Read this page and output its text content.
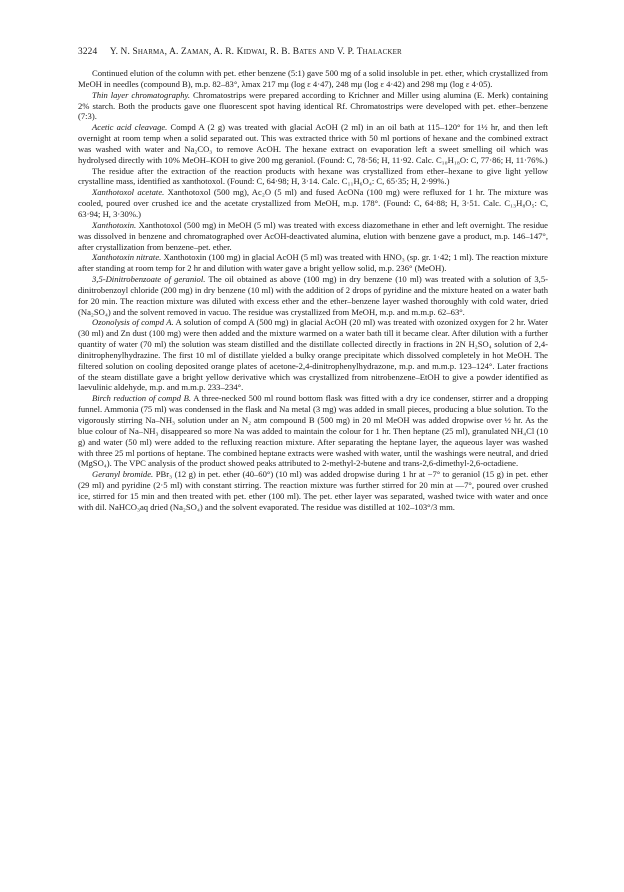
3224 Y. N. Sharma, A. Zaman, A. R. Kidwai, R. B. Bates and V. P. Thalacker

Continued elution of the column with pet. ether benzene (5:1) gave 500 mg of a solid insoluble in pet. ether, which crystallized from MeOH in needles (compound B), m.p. 82–83°, λmax 217 mμ (log ε 4·47), 248 mμ (log ε 4·42) and 298 mμ (log ε 4·05).

Thin layer chromatography. Chromatostrips were prepared according to Krichner and Miller using alumina (E. Merk) containing 2% starch. Both the products gave one fluorescent spot having identical Rf. Chromatostrips were developed with pet. ether–benzene (7:3).

Acetic acid cleavage. Compd A (2 g) was treated with glacial AcOH (2 ml) in an oil bath at 115–120° for 1½ hr, and then left overnight at room temp when a solid separated out. This was extracted thrice with 50 ml portions of hexane and the combined extract was washed with water and Na₂CO₃ to remove AcOH. The hexane extract on evaporation left a sweet smelling oil which was hydrolysed directly with 10% MeOH–KOH to give 200 mg geraniol. (Found: C, 78·56; H, 11·92. Calc. C₁₀H₁₈O: C, 77·86; H, 11·76%.)

The residue after the extraction of the reaction products with hexane was crystallized from ether–hexane to give light yellow crystalline mass, identified as xanthotoxol. (Found: C, 64·98; H, 3·14. Calc. C₁₁H₆O₄: C, 65·35; H, 2·99%.)

Xanthotoxol acetate. Xanthotoxol (500 mg), Ac₂O (5 ml) and fused AcONa (100 mg) were refluxed for 1 hr. The mixture was cooled, poured over crushed ice and the acetate crystallized from MeOH, m.p. 178°. (Found: C, 64·88; H, 3·51. Calc. C₁₃H₈O₅: C, 63·94; H, 3·30%.)

Xanthotoxin. Xanthotoxol (500 mg) in MeOH (5 ml) was treated with excess diazomethane in ether and left overnight. The residue was dissolved in benzene and chromatographed over AcOH-deactivated alumina, elution with benzene gave a product, m.p. 146–147°, after crystallization from benzene–pet. ether.

Xanthotoxin nitrate. Xanthotoxin (100 mg) in glacial AcOH (5 ml) was treated with HNO₃ (sp. gr. 1·42; 1 ml). The reaction mixture after standing at room temp for 2 hr and dilution with water gave a bright yellow solid, m.p. 236° (MeOH).

3,5-Dinitrobenzoate of geraniol. The oil obtained as above (100 mg) in dry benzene (10 ml) was treated with a solution of 3,5-dinitrobenzoyl chloride (200 mg) in dry benzene (10 ml) with the addition of 2 drops of pyridine and the mixture heated on a water bath for 20 min. The reaction mixture was diluted with excess ether and the ether–benzene layer washed thoroughly with cold water, dried (Na₂SO₄) and the solvent removed in vacuo. The residue was crystallized from MeOH, m.p. and m.m.p. 62–63°.

Ozonolysis of compd A. A solution of compd A (500 mg) in glacial AcOH (20 ml) was treated with ozonized oxygen for 2 hr. Water (30 ml) and Zn dust (100 mg) were then added and the mixture warmed on a water bath till it became clear. After dilution with a further quantity of water (70 ml) the solution was steam distilled and the distillate collected directly in fractions in 2N H₂SO₄ solution of 2,4-dinitrophenylhydrazine. The first 10 ml of distillate yielded a bulky orange precipitate which dissolved completely in hot MeOH. The filtered solution on cooling deposited orange plates of acetone-2,4-dinitrophenylhydrazone, m.p. and m.m.p. 123–124°. Later fractions of the steam distillate gave a bright yellow derivative which was crystallized from nitrobenzene–EtOH to give a powder identified as laevulinic aldehyde, m.p. and m.m.p. 233–234°.

Birch reduction of compd B. A three-necked 500 ml round bottom flask was fitted with a dry ice condenser, stirrer and a dropping funnel. Ammonia (75 ml) was condensed in the flask and Na metal (3 mg) was added in small pieces, producing a blue solution. To the vigorously stirring Na–NH₃ solution under an N₂ atm compound B (500 mg) in 20 ml MeOH was added dropwise over ½ hr. As the blue colour of Na–NH₃ disappeared so more Na was added to maintain the colour for 1 hr. Then heptane (25 ml), granulated NH₄Cl (10 g) and water (50 ml) were added to the refluxing reaction mixture. After separating the heptane layer, the aqueous layer was washed with three 25 ml portions of heptane. The combined heptane extracts were washed with water, until the washings were neutral, and dried (MgSO₄). The VPC analysis of the product showed peaks attributed to 2-methyl-2-butene and trans-2,6-dimethyl-2,6-octadiene.

Geranyl bromide. PBr₃ (12 g) in pet. ether (40–60°) (10 ml) was added dropwise during 1 hr at −7° to geraniol (15 g) in pet. ether (29 ml) and pyridine (2·5 ml) with constant stirring. The reaction mixture was further stirred for 20 min at —7°, poured over crushed ice, stirred for 15 min and then treated with pet. ether (100 ml). The pet. ether layer was separated, washed twice with water and once with dil. NaHCO₃aq dried (Na₂SO₄) and the solvent evaporated. The residue was distilled at 102–103°/3 mm.
